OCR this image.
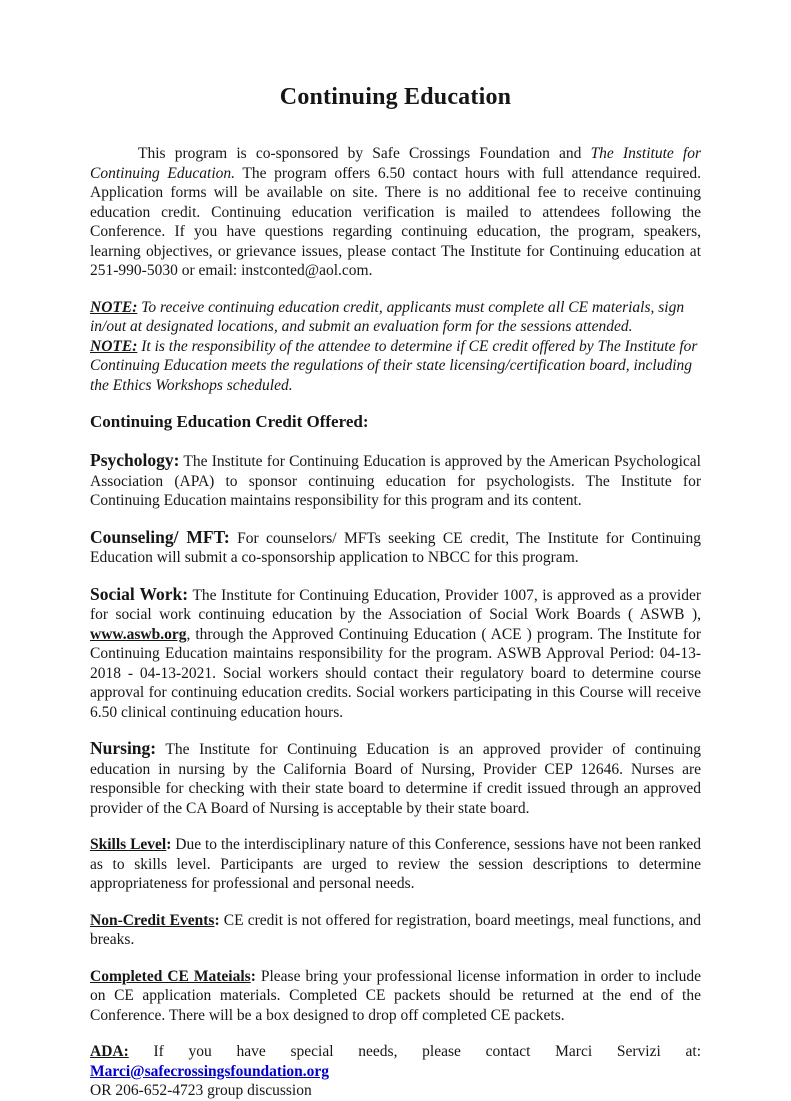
Continuing Education

This program is co-sponsored by Safe Crossings Foundation and The Institute for Continuing Education. The program offers 6.50 contact hours with full attendance required. Application forms will be available on site. There is no additional fee to receive continuing education credit. Continuing education verification is mailed to attendees following the Conference. If you have questions regarding continuing education, the program, speakers, learning objectives, or grievance issues, please contact The Institute for Continuing education at 251-990-5030 or email: instconted@aol.com.

NOTE: To receive continuing education credit, applicants must complete all CE materials, sign in/out at designated locations, and submit an evaluation form for the sessions attended.

NOTE: It is the responsibility of the attendee to determine if CE credit offered by The Institute for Continuing Education meets the regulations of their state licensing/certification board, including the Ethics Workshops scheduled.

Continuing Education Credit Offered:

Psychology: The Institute for Continuing Education is approved by the American Psychological Association (APA) to sponsor continuing education for psychologists. The Institute for Continuing Education maintains responsibility for this program and its content.

Counseling/ MFT: For counselors/ MFTs seeking CE credit, The Institute for Continuing Education will submit a co-sponsorship application to NBCC for this program.

Social Work: The Institute for Continuing Education, Provider 1007, is approved as a provider for social work continuing education by the Association of Social Work Boards ( ASWB ), www.aswb.org, through the Approved Continuing Education ( ACE ) program. The Institute for Continuing Education maintains responsibility for the program. ASWB Approval Period: 04-13-2018 - 04-13-2021. Social workers should contact their regulatory board to determine course approval for continuing education credits. Social workers participating in this Course will receive 6.50 clinical continuing education hours.

Nursing: The Institute for Continuing Education is an approved provider of continuing education in nursing by the California Board of Nursing, Provider CEP 12646. Nurses are responsible for checking with their state board to determine if credit issued through an approved provider of the CA Board of Nursing is acceptable by their state board.

Skills Level: Due to the interdisciplinary nature of this Conference, sessions have not been ranked as to skills level. Participants are urged to review the session descriptions to determine appropriateness for professional and personal needs.

Non-Credit Events: CE credit is not offered for registration, board meetings, meal functions, and breaks.

Completed CE Mateials: Please bring your professional license information in order to include on CE application materials. Completed CE packets should be returned at the end of the Conference. There will be a box designed to drop off completed CE packets.

ADA: If you have special needs, please contact Marci Servizi at: Marci@safecrossingsfoundation.org
OR 206-652-4723 group discussion
